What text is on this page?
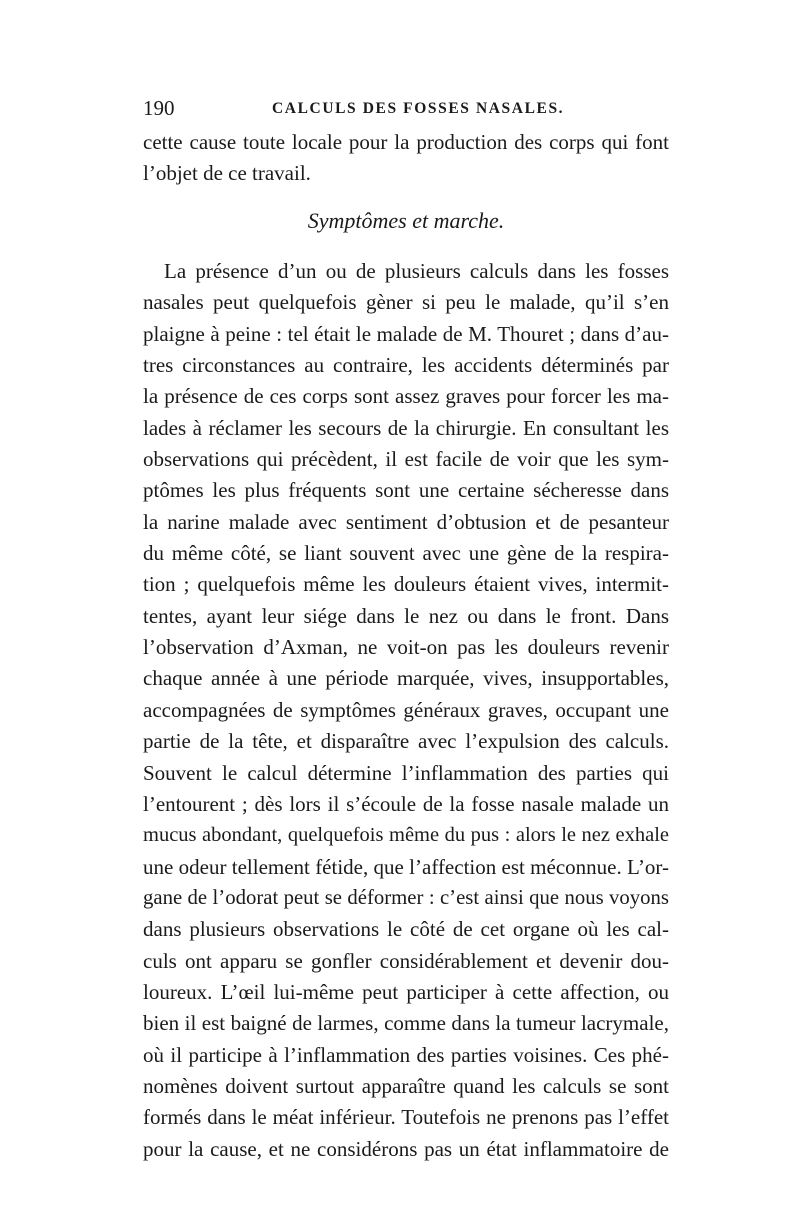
190	CALCULS DES FOSSES NASALES.
cette cause toute locale pour la production des corps qui font
l’objet de ce travail.
Symptômes et marche.
La présence d’un ou de plusieurs calculs dans les fosses
nasales peut quelquefois gèner si peu le malade, qu’il s’en
plaigne à peine : tel était le malade de M. Thouret ; dans d’au-
tres circonstances au contraire, les accidents déterminés par
la présence de ces corps sont assez graves pour forcer les ma-
lades à réclamer les secours de la chirurgie. En consultant les
observations qui précèdent, il est facile de voir que les sym-
ptômes les plus fréquents sont une certaine sécheresse dans
la narine malade avec sentiment d’obtusion et de pesanteur
du même côté, se liant souvent avec une gène de la respira-
tion ; quelquefois même les douleurs étaient vives, intermit-
tentes, ayant leur siége dans le nez ou dans le front. Dans
l’observation d’Axman, ne voit-on pas les douleurs revenir
chaque année à une période marquée, vives, insupportables,
accompagnées de symptômes généraux graves, occupant une
partie de la tête, et disparaître avec l’expulsion des calculs.
Souvent le calcul détermine l’inflammation des parties qui
l’entourent ; dès lors il s’écoule de la fosse nasale malade un
mucus abondant, quelquefois même du pus : alors le nez exhale
une odeur tellement fétide, que l’affection est méconnue. L’or-
gane de l’odorat peut se déformer : c’est ainsi que nous voyons
dans plusieurs observations le côté de cet organe où les cal-
culs ont apparu se gonfler considérablement et devenir dou-
loureux. L’œil lui-même peut participer à cette affection, ou
bien il est baigné de larmes, comme dans la tumeur lacrymale,
où il participe à l’inflammation des parties voisines. Ces phé-
nomènes doivent surtout apparaître quand les calculs se sont
formés dans le méat inférieur. Toutefois ne prenons pas l’effet
pour la cause, et ne considérons pas un état inflammatoire de
